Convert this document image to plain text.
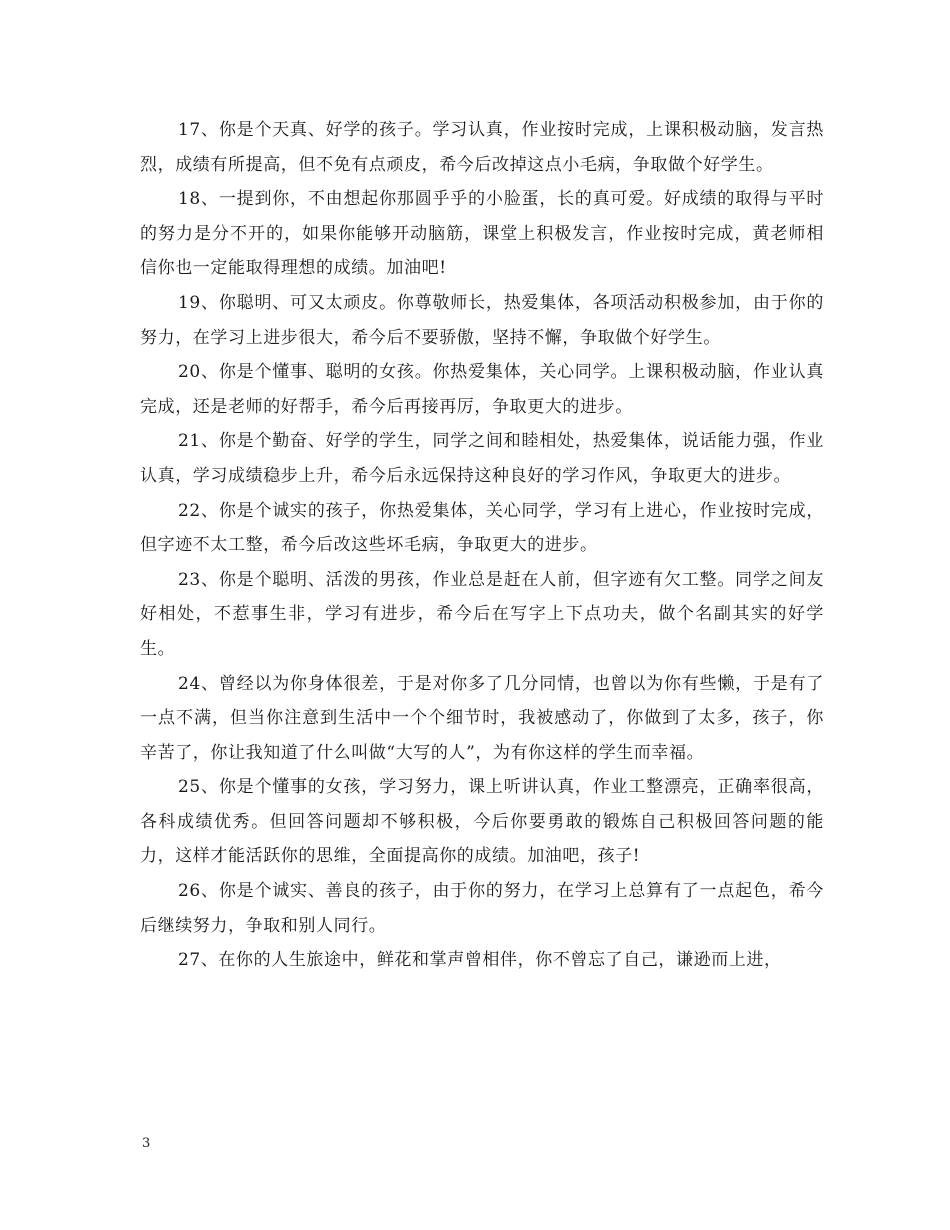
17、你是个天真、好学的孩子。学习认真，作业按时完成，上课积极动脑，发言热烈，成绩有所提高，但不免有点顽皮，希今后改掉这点小毛病，争取做个好学生。

18、一提到你，不由想起你那圆乎乎的小脸蛋，长的真可爱。好成绩的取得与平时的努力是分不开的，如果你能够开动脑筋，课堂上积极发言，作业按时完成，黄老师相信你也一定能取得理想的成绩。加油吧!

19、你聪明、可又太顽皮。你尊敬师长，热爱集体，各项活动积极参加，由于你的努力，在学习上进步很大，希今后不要骄傲，坚持不懈，争取做个好学生。

20、你是个懂事、聪明的女孩。你热爱集体，关心同学。上课积极动脑，作业认真完成，还是老师的好帮手，希今后再接再厉，争取更大的进步。

21、你是个勤奋、好学的学生，同学之间和睦相处，热爱集体，说话能力强，作业认真，学习成绩稳步上升，希今后永远保持这种良好的学习作风，争取更大的进步。

22、你是个诚实的孩子，你热爱集体，关心同学，学习有上进心，作业按时完成，但字迹不太工整，希今后改这些坏毛病，争取更大的进步。

23、你是个聪明、活泼的男孩，作业总是赶在人前，但字迹有欠工整。同学之间友好相处，不惹事生非，学习有进步，希今后在写字上下点功夫，做个名副其实的好学生。

24、曾经以为你身体很差，于是对你多了几分同情，也曾以为你有些懒，于是有了一点不满，但当你注意到生活中一个个细节时，我被感动了，你做到了太多，孩子，你辛苦了，你让我知道了什么叫做“大写的人”，为有你这样的学生而幸福。

25、你是个懂事的女孩，学习努力，课上听讲认真，作业工整漂亮，正确率很高，各科成绩优秀。但回答问题却不够积极，今后你要勇敢的锻炼自己积极回答问题的能力，这样才能活跃你的思维，全面提高你的成绩。加油吧，孩子!

26、你是个诚实、善良的孩子，由于你的努力，在学习上总算有了一点起色，希今后继续努力，争取和别人同行。

27、在你的人生旅途中，鲜花和掌声曾相伴，你不曾忘了自己，谦逊而上进，

3
